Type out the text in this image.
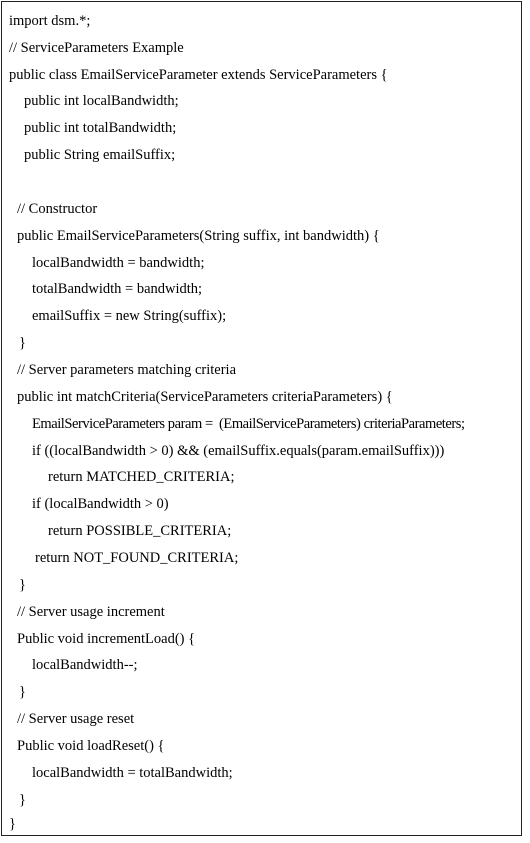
import dsm.*;
// ServiceParameters Example
public class EmailServiceParameter extends ServiceParameters {
public int localBandwidth;
public int totalBandwidth;
public String emailSuffix;
// Constructor
public EmailServiceParameters(String suffix, int bandwidth) {
localBandwidth = bandwidth;
totalBandwidth = bandwidth;
emailSuffix = new String(suffix);
}
// Server parameters matching criteria
public int matchCriteria(ServiceParameters criteriaParameters) {
EmailServiceParameters param =  (EmailServiceParameters) criteriaParameters;
if ((localBandwidth > 0) && (emailSuffix.equals(param.emailSuffix)))
return MATCHED_CRITERIA;
if (localBandwidth > 0)
return POSSIBLE_CRITERIA;
return NOT_FOUND_CRITERIA;
}
// Server usage increment
Public void incrementLoad() {
localBandwidth--;
}
// Server usage reset
Public void loadReset() {
localBandwidth = totalBandwidth;
}
}
